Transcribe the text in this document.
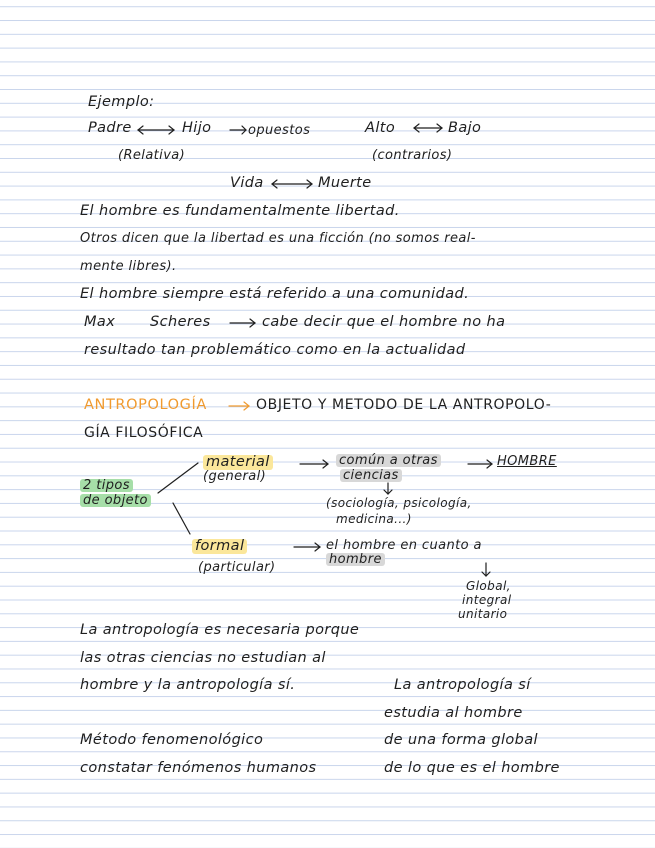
Ejemplo:
Padre	Hijo	opuestos	Alto	Bajo
(Relativa)	(contrarios)
Vida	Muerte
El hombre es fundamentalmente libertad.
Otros dicen que la libertad es una ficción (no somos real-
mente libres).
El hombre siempre está referido a una comunidad.
Max Scheres	cabe decir que el hombre no ha
resultado tan problemático como en la actualidad
ANTROPOLOGÍA	OBJETO Y METODO DE LA ANTROPOLO-
GÍA FILOSÓFICA
2 tipos
de objeto
material
(general)
común a otras
ciencias
HOMBRE
(sociología, psicología,
medicina...)
formal
(particular)
el hombre en cuanto a
hombre
Global,
integral
unitario
La antropología es necesaria porque
las otras ciencias no estudian al
hombre y la antropología sí.
Método fenomenológico
constatar fenómenos humanos
La antropología sí
estudia al hombre
de una forma global
de lo que es el hombre
